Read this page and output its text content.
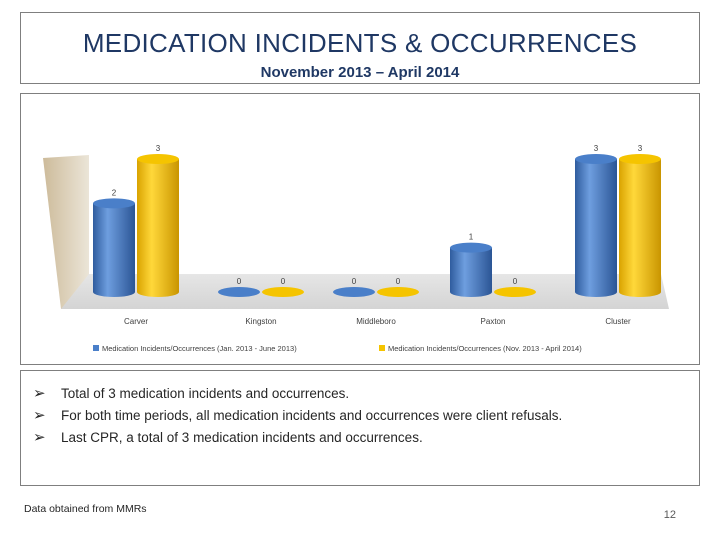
MEDICATION INCIDENTS & OCCURRENCES
November 2013 – April 2014
2
3
0	0	0	0
1
0
3	3
Carver	Kingston	Middleboro	Paxton	Cluster
Medication Incidents/Occurrences (Jan. 2013 - June 2013)	Medication Incidents/Occurrences (Nov. 2013 - April 2014)
➢	Total of 3 medication incidents and occurrences.
➢	For both time periods, all medication incidents and occurrences were client refusals.
➢	Last CPR, a total of 3 medication incidents and occurrences.
Data obtained from MMRs	12
